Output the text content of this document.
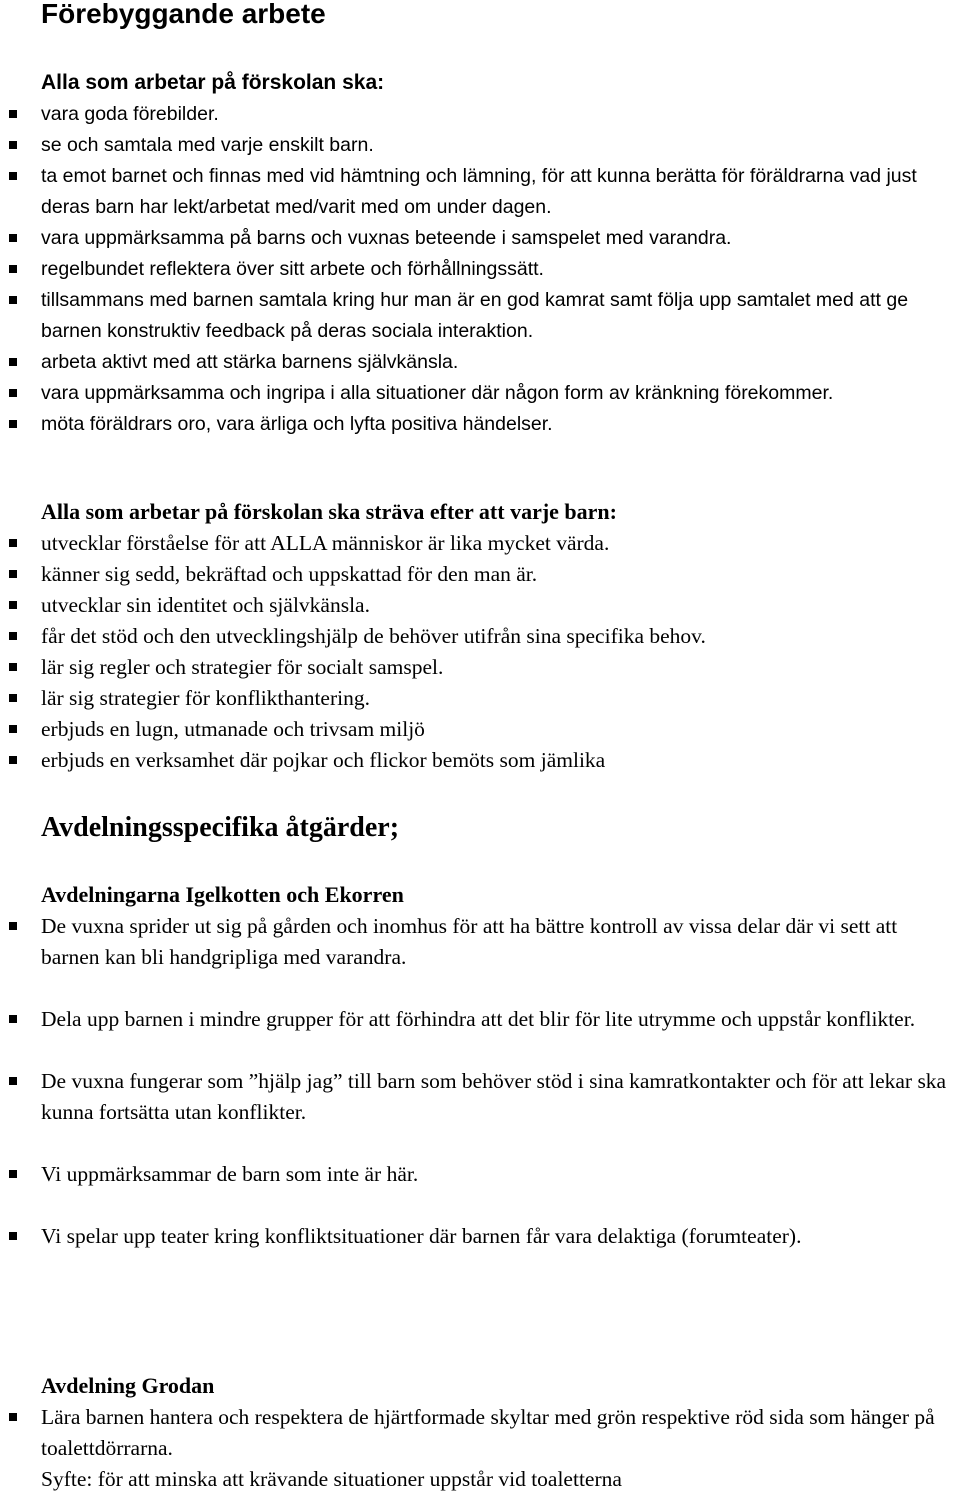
Förebyggande arbete
Alla som arbetar på förskolan ska:
vara goda förebilder.
se och samtala med varje enskilt barn.
ta emot barnet och finnas med vid hämtning och lämning, för att kunna berätta för föräldrarna vad just deras barn har lekt/arbetat med/varit med om under dagen.
vara uppmärksamma på barns och vuxnas beteende i samspelet med varandra.
regelbundet reflektera över sitt arbete och förhållningssätt.
tillsammans med barnen samtala kring hur man är en god kamrat samt följa upp samtalet med att ge barnen konstruktiv feedback på deras sociala interaktion.
arbeta aktivt med att stärka barnens självkänsla.
vara uppmärksamma och ingripa i alla situationer där någon form av kränkning förekommer.
möta föräldrars oro, vara ärliga och lyfta positiva händelser.
Alla som arbetar på förskolan ska sträva efter att varje barn:
utvecklar förståelse för att ALLA människor är lika mycket värda.
känner sig sedd, bekräftad och uppskattad för den man är.
utvecklar sin identitet och självkänsla.
får det stöd och den utvecklingshjälp de behöver utifrån sina specifika behov.
lär sig regler och strategier för socialt samspel.
lär sig strategier för konflikthantering.
erbjuds en lugn, utmanade och trivsam miljö
erbjuds en verksamhet där pojkar och flickor bemöts som jämlika
Avdelningsspecifika åtgärder;
Avdelningarna Igelkotten och Ekorren
De vuxna sprider ut sig på gården och inomhus för att ha bättre kontroll av vissa delar där vi sett att barnen kan bli handgripliga med varandra.
Dela upp barnen i mindre grupper för att förhindra att det blir för lite utrymme och uppstår konflikter.
De vuxna fungerar som ”hjälp jag” till barn som behöver stöd i sina kamratkontakter och för att lekar ska kunna fortsätta utan konflikter.
Vi uppmärksammar de barn som inte är här.
Vi spelar upp teater kring konfliktsituationer där barnen får vara delaktiga (forumteater).
Avdelning Grodan
Lära barnen hantera och respektera de hjärtformade skyltar med grön respektive röd sida som hänger på toalettdörrarna.

Syfte: för att minska att krävande situationer uppstår vid toaletterna
